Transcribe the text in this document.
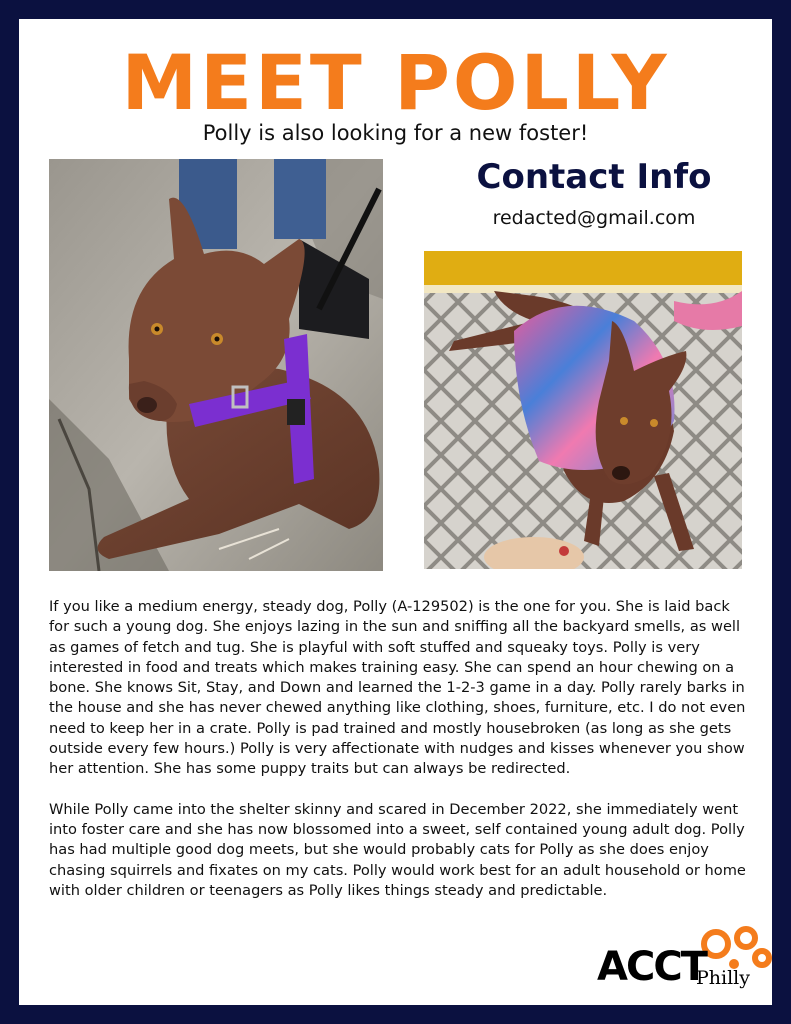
MEET POLLY
Polly is also looking for a new foster!
Contact Info
redacted@gmail.com

If you like a medium energy, steady dog, Polly (A-129502) is the one for you. She is laid back for such a young dog. She enjoys lazing in the sun and sniffing all the backyard smells, as well as games of fetch and tug. She is playful with soft stuffed and squeaky toys. Polly is very interested in food and treats which makes training easy. She can spend an hour chewing on a bone. She knows Sit, Stay, and Down and learned the 1-2-3 game in a day. Polly rarely barks in the house and she has never chewed anything like clothing, shoes, furniture, etc. I do not even need to keep her in a crate. Polly is pad trained and mostly housebroken (as long as she gets outside every few hours.) Polly is very affectionate with nudges and kisses whenever you show her attention. She has some puppy traits but can always be redirected.

While Polly came into the shelter skinny and scared in December 2022, she immediately went into foster care and she has now blossomed into a sweet, self contained young adult dog. Polly has had multiple good dog meets, but she would probably cats for Polly as she does enjoy chasing squirrels and fixates on my cats. Polly would work best for an adult household or home with older children or teenagers as Polly likes things steady and predictable.

ACCT
Philly
